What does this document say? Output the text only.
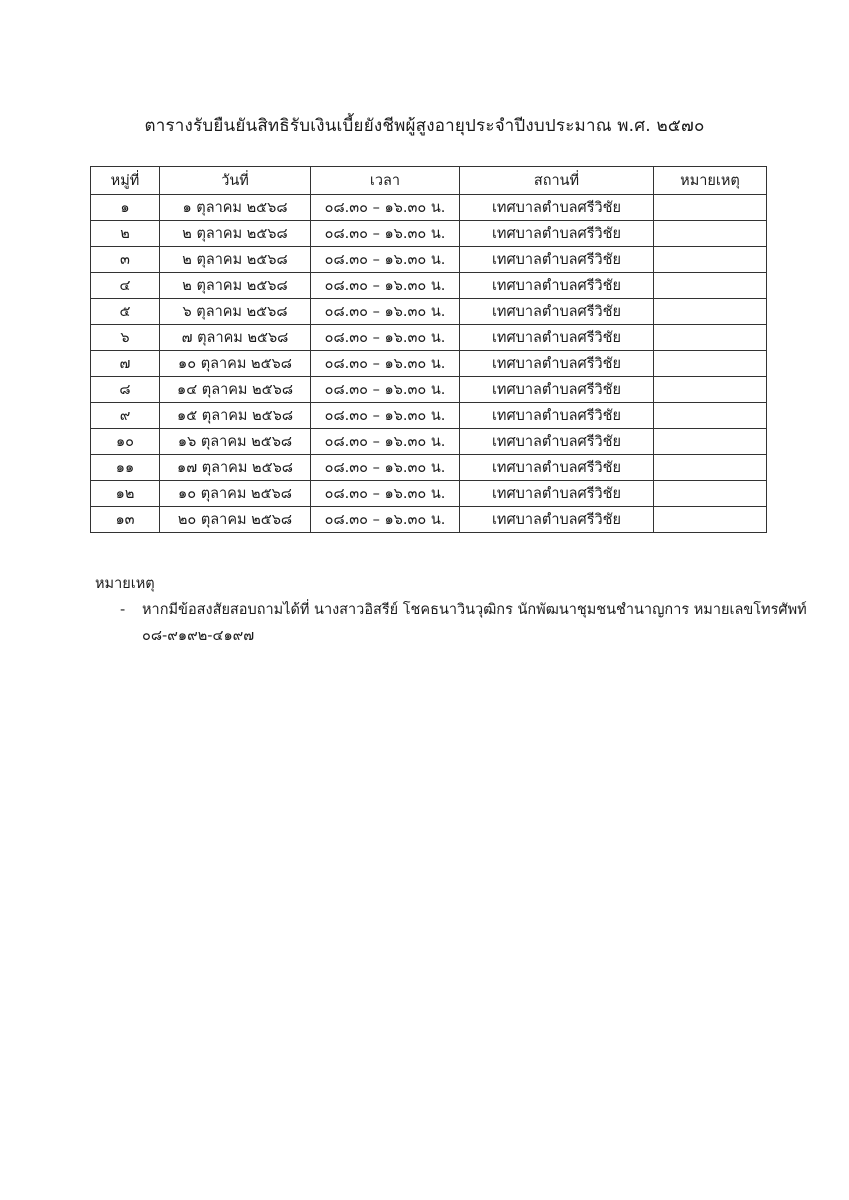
ตารางรับยืนยันสิทธิรับเงินเบี้ยยังชีพผู้สูงอายุประจำปีงบประมาณ พ.ศ. ๒๕๗๐
หมู่ที่	วันที่	เวลา	สถานที่	หมายเหตุ
๑	๑ ตุลาคม ๒๕๖๘	๐๘.๓๐ – ๑๖.๓๐ น.	เทศบาลตำบลศรีวิชัย	
๒	๒ ตุลาคม ๒๕๖๘	๐๘.๓๐ – ๑๖.๓๐ น.	เทศบาลตำบลศรีวิชัย	
๓	๒ ตุลาคม ๒๕๖๘	๐๘.๓๐ – ๑๖.๓๐ น.	เทศบาลตำบลศรีวิชัย	
๔	๒ ตุลาคม ๒๕๖๘	๐๘.๓๐ – ๑๖.๓๐ น.	เทศบาลตำบลศรีวิชัย	
๕	๖ ตุลาคม ๒๕๖๘	๐๘.๓๐ – ๑๖.๓๐ น.	เทศบาลตำบลศรีวิชัย	
๖	๗ ตุลาคม ๒๕๖๘	๐๘.๓๐ – ๑๖.๓๐ น.	เทศบาลตำบลศรีวิชัย	
๗	๑๐ ตุลาคม ๒๕๖๘	๐๘.๓๐ – ๑๖.๓๐ น.	เทศบาลตำบลศรีวิชัย	
๘	๑๔ ตุลาคม ๒๕๖๘	๐๘.๓๐ – ๑๖.๓๐ น.	เทศบาลตำบลศรีวิชัย	
๙	๑๕ ตุลาคม ๒๕๖๘	๐๘.๓๐ – ๑๖.๓๐ น.	เทศบาลตำบลศรีวิชัย	
๑๐	๑๖ ตุลาคม ๒๕๖๘	๐๘.๓๐ – ๑๖.๓๐ น.	เทศบาลตำบลศรีวิชัย	
๑๑	๑๗ ตุลาคม ๒๕๖๘	๐๘.๓๐ – ๑๖.๓๐ น.	เทศบาลตำบลศรีวิชัย	
๑๒	๑๐ ตุลาคม ๒๕๖๘	๐๘.๓๐ – ๑๖.๓๐ น.	เทศบาลตำบลศรีวิชัย	
๑๓	๒๐ ตุลาคม ๒๕๖๘	๐๘.๓๐ – ๑๖.๓๐ น.	เทศบาลตำบลศรีวิชัย	
หมายเหตุ
- หากมีข้อสงสัยสอบถามได้ที่ นางสาวอิสรีย์ โชคธนาวินวุฒิกร นักพัฒนาชุมชนชำนาญการ หมายเลขโทรศัพท์
๐๘-๙๑๙๒-๔๑๙๗
